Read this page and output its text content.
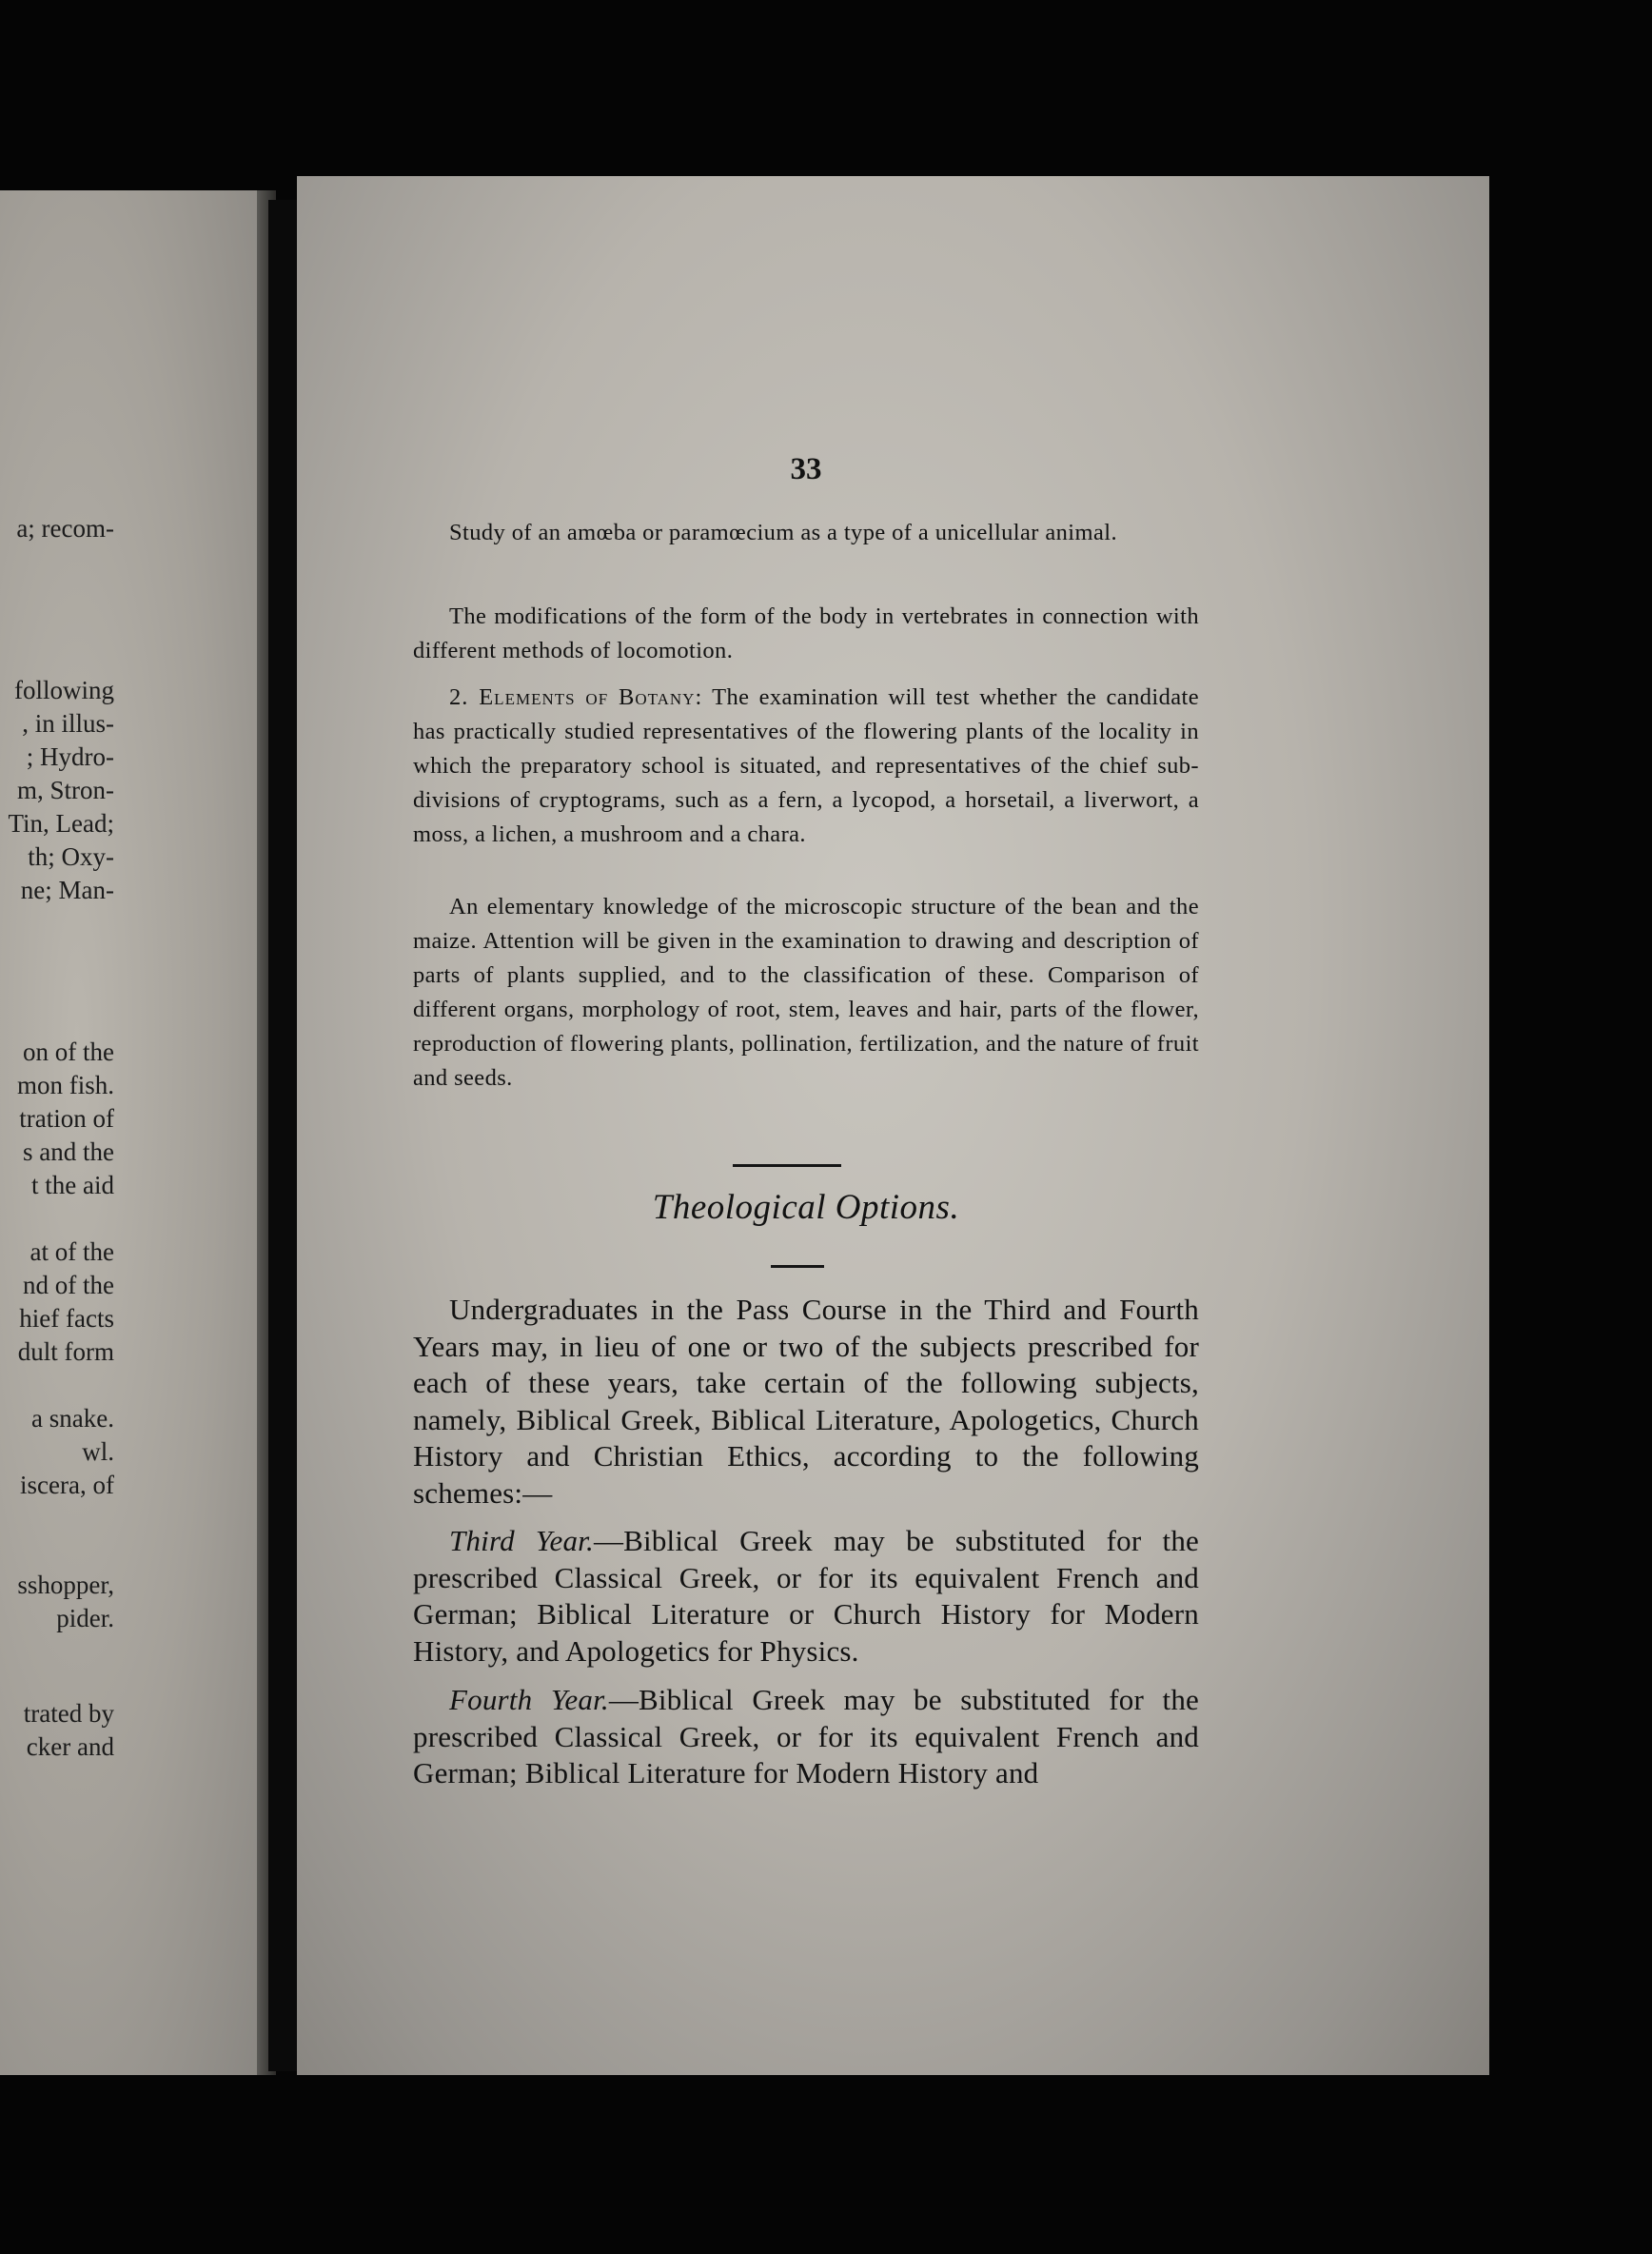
a; recom-
following
, in illus-
; Hydro-
m, Stron-
Tin, Lead;
th; Oxy-
ne; Man-
on of the
mon fish.
tration of
s and the
t the aid
at of the
nd of the
hief facts
dult form
a snake.
wl.
iscera, of
sshopper,
pider.
trated by
cker and
33

Study of an amœba or paramœcium as a type of a unicellular animal.

The modifications of the form of the body in vertebrates in connection with different methods of locomotion.

2. Elements of Botany: The examination will test whether the candidate has practically studied representatives of the flowering plants of the locality in which the preparatory school is situated, and representatives of the chief sub-divisions of cryptograms, such as a fern, a lycopod, a horsetail, a liverwort, a moss, a lichen, a mushroom and a chara.

An elementary knowledge of the microscopic structure of the bean and the maize. Attention will be given in the examination to drawing and description of parts of plants supplied, and to the classification of these. Comparison of different organs, morphology of root, stem, leaves and hair, parts of the flower, reproduction of flowering plants, pollination, fertilization, and the nature of fruit and seeds.

Theological Options.

Undergraduates in the Pass Course in the Third and Fourth Years may, in lieu of one or two of the subjects prescribed for each of these years, take certain of the following subjects, namely, Biblical Greek, Biblical Literature, Apologetics, Church History and Christian Ethics, according to the following schemes:—

Third Year.—Biblical Greek may be substituted for the prescribed Classical Greek, or for its equivalent French and German; Biblical Literature or Church History for Modern History, and Apologetics for Physics.

Fourth Year.—Biblical Greek may be substituted for the prescribed Classical Greek, or for its equivalent French and German; Biblical Literature for Modern History and
